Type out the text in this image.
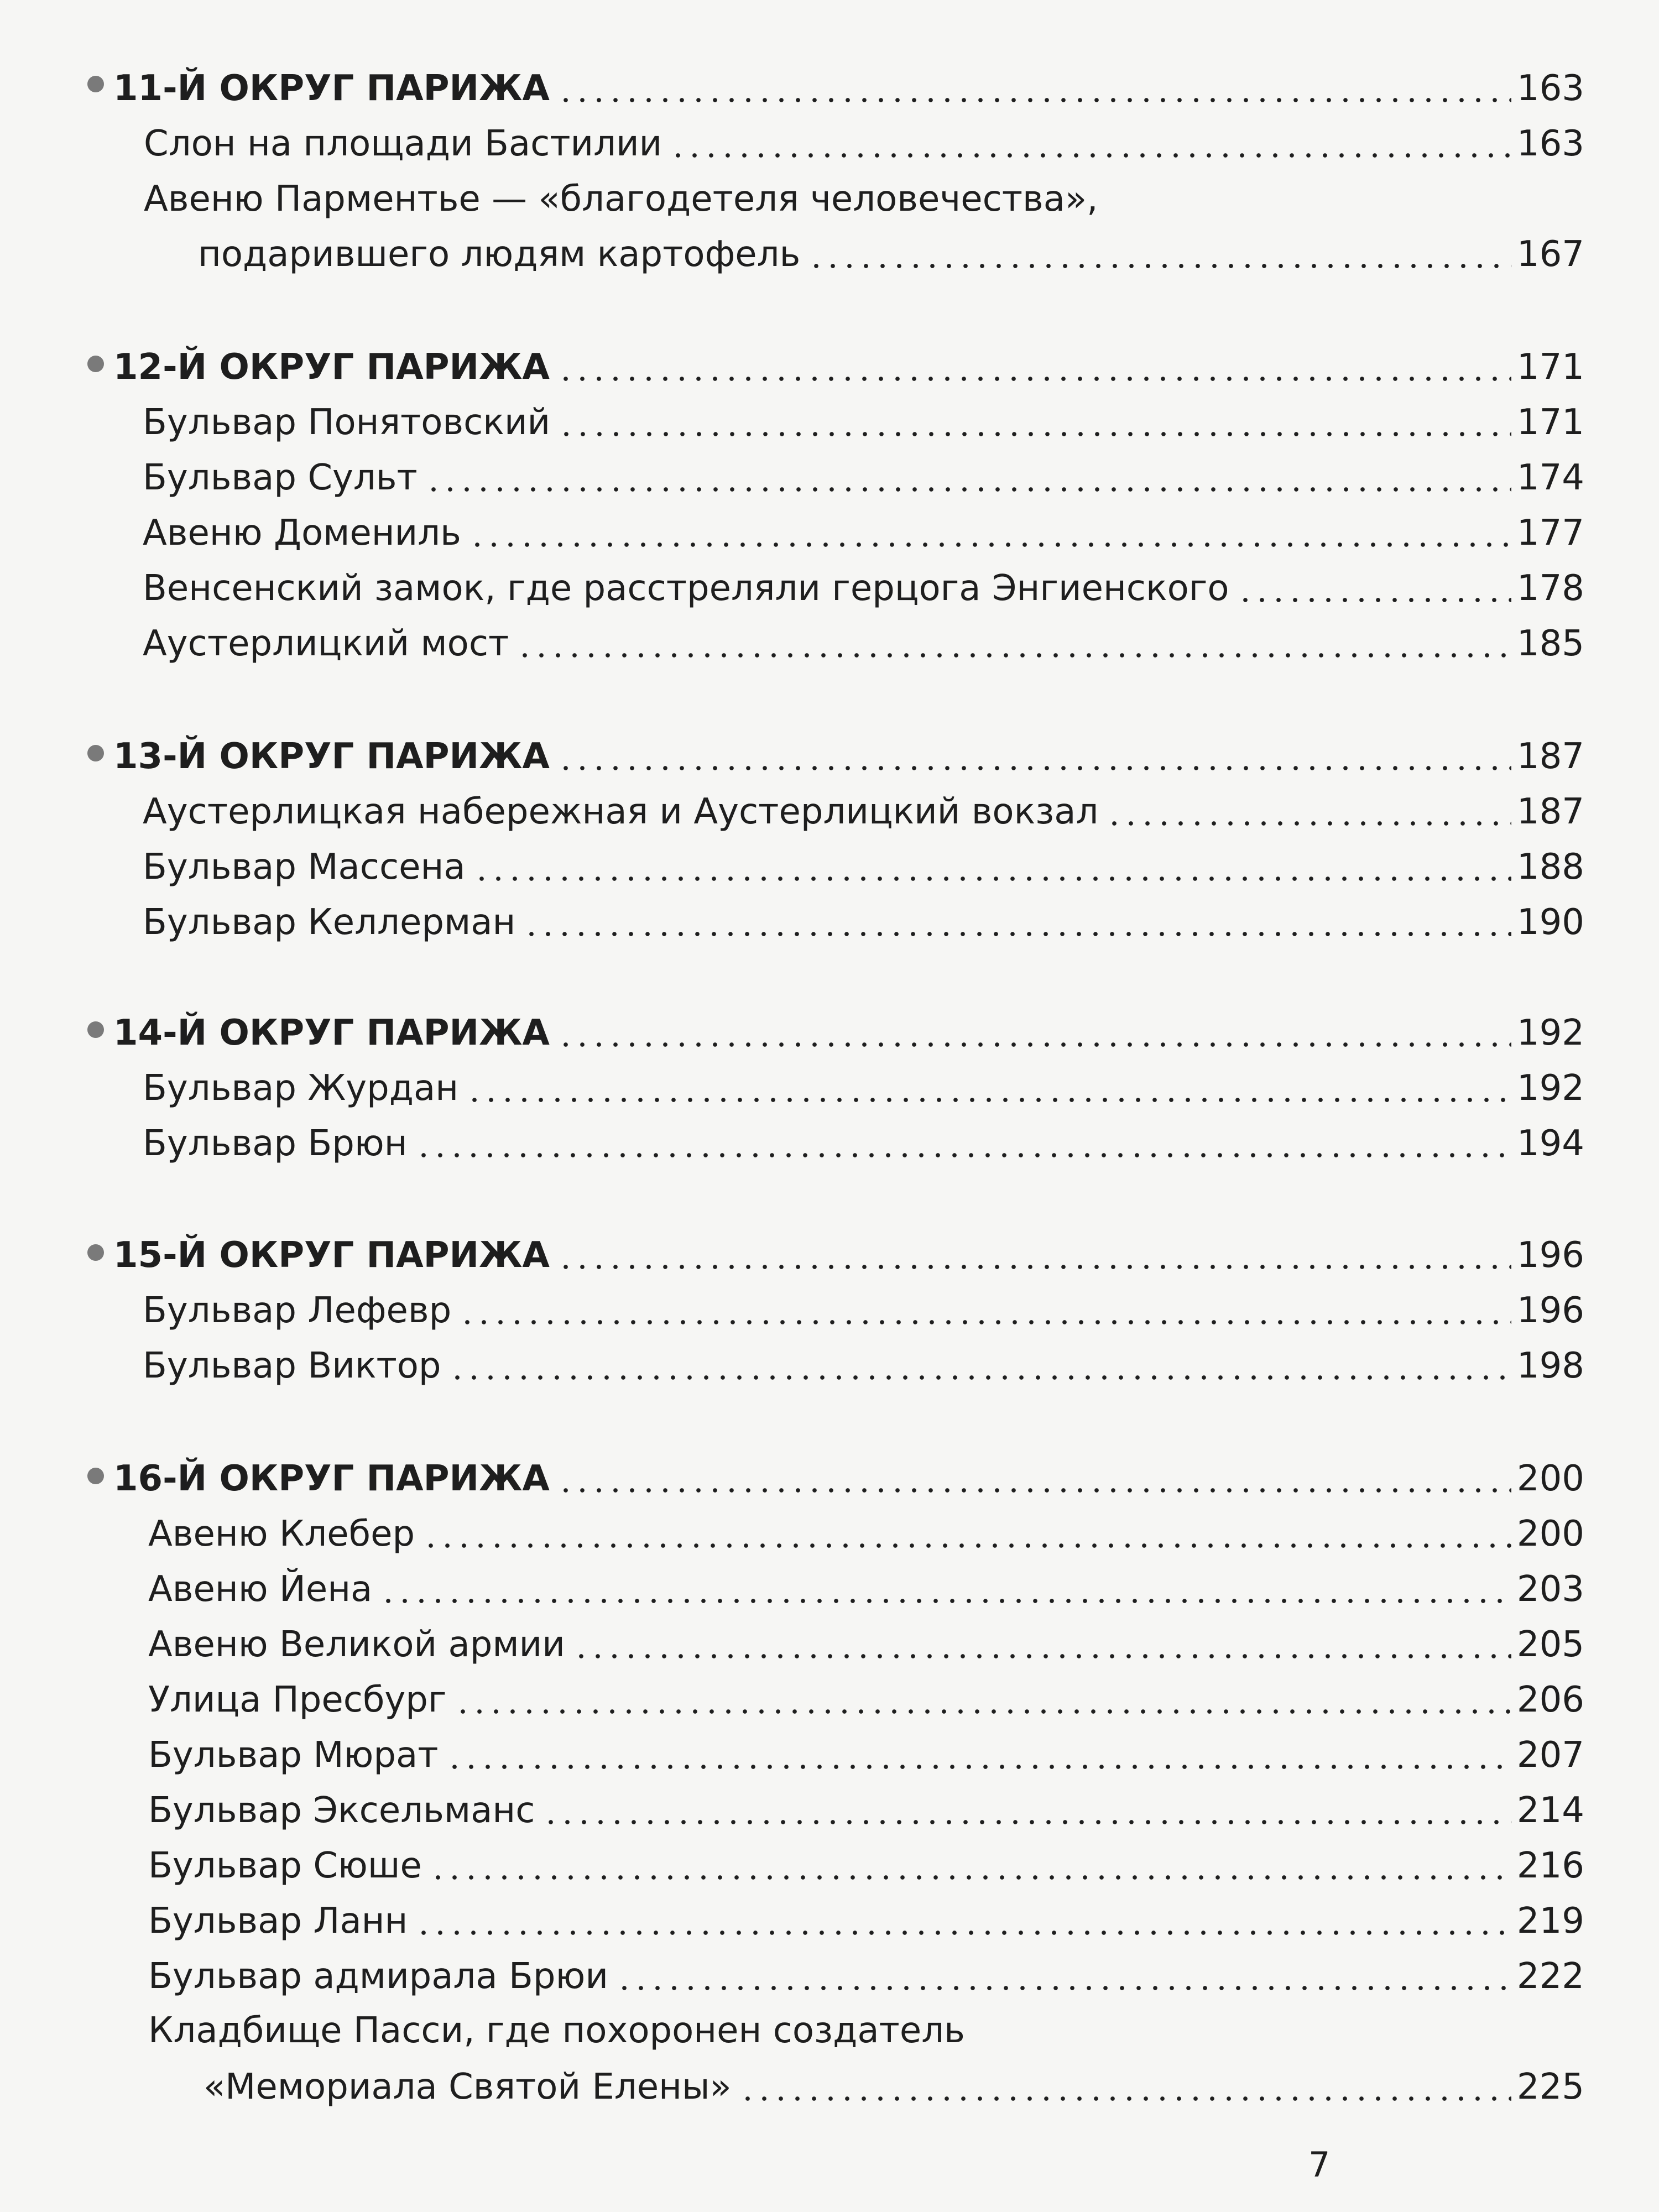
11-Й ОКРУГ ПАРИЖА	163
Слон на площади Бастилии	163
Авеню Парментье — «благодетеля человечества»,
подарившего людям картофель	167
12-Й ОКРУГ ПАРИЖА	171
Бульвар Понятовский	171
Бульвар Сульт	174
Авеню Домениль	177
Венсенский замок, где расстреляли герцога Энгиенского	178
Аустерлицкий мост	185
13-Й ОКРУГ ПАРИЖА	187
Аустерлицкая набережная и Аустерлицкий вокзал	187
Бульвар Массена	188
Бульвар Келлерман	190
14-Й ОКРУГ ПАРИЖА	192
Бульвар Журдан	192
Бульвар Брюн	194
15-Й ОКРУГ ПАРИЖА	196
Бульвар Лефевр	196
Бульвар Виктор	198
16-Й ОКРУГ ПАРИЖА	200
Авеню Клебер	200
Авеню Йена	203
Авеню Великой армии	205
Улица Пресбург	206
Бульвар Мюрат	207
Бульвар Эксельманс	214
Бульвар Сюше	216
Бульвар Ланн	219
Бульвар адмирала Брюи	222
Кладбище Пасси, где похоронен создатель
«Мемориала Святой Елены»	225
7
